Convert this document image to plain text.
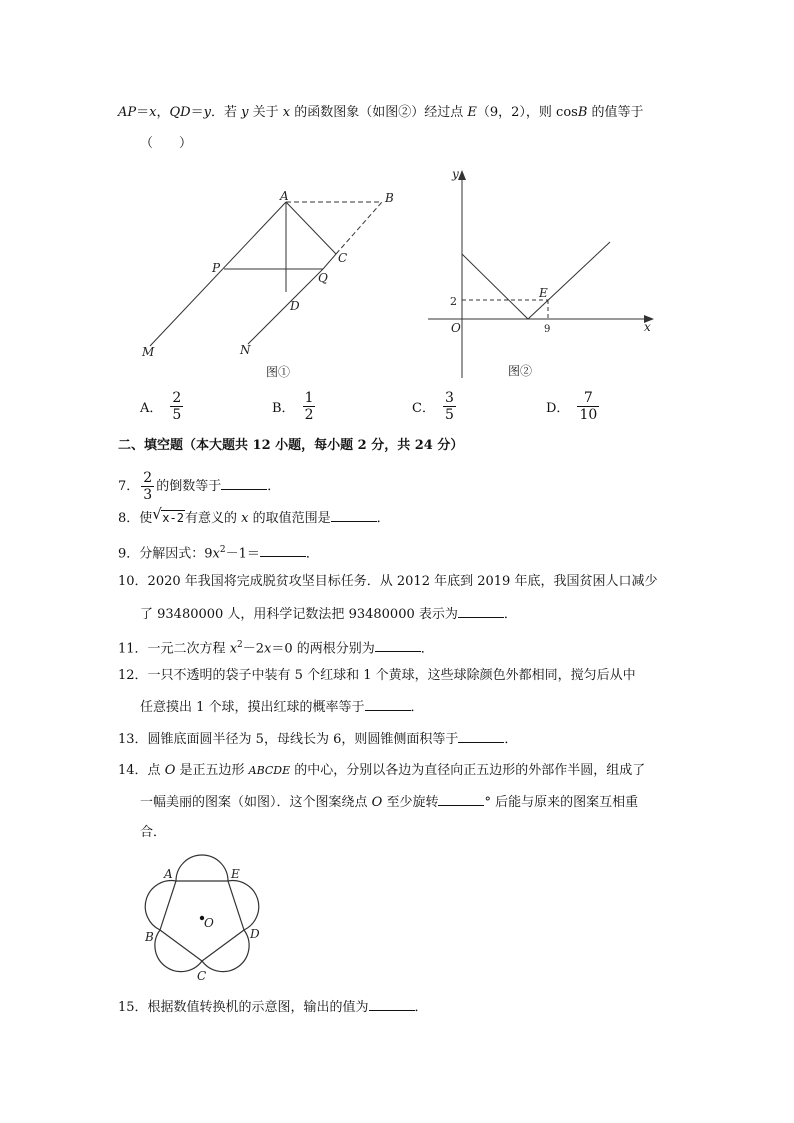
AP＝x，QD＝y．若 y 关于 x 的函数图象（如图②）经过点 E（9，2），则 cosB 的值等于
（　　）
A	B
C
D
P
Q
M	N
图①
y
x
O
E
2
9
图②
A． $\frac{2}{5}$	B． $\frac{1}{2}$	C． $\frac{3}{5}$	D． $\frac{7}{10}$
二、填空题（本大题共 12 小题，每小题 2 分，共 24 分）
7． $\frac{2}{3}$ 的倒数等于	．
8．使 √ x-2有意义的 x 的取值范围是	．
9．分解因式：$9x^2-1=$	．
10．2020 年我国将完成脱贫攻坚目标任务．从 2012 年底到 2019 年底，我国贫困人口减少
了 93480000 人，用科学记数法把 93480000 表示为	．
11．一元二次方程 $x^2-2x=0$ 的两根分别为	．
12．一只不透明的袋子中装有 5 个红球和 1 个黄球，这些球除颜色外都相同，搅匀后从中
任意摸出 1 个球，摸出红球的概率等于	．
13．圆锥底面圆半径为 5，母线长为 6，则圆锥侧面积等于	．
14．点 O 是正五边形 ABCDE 的中心，分别以各边为直径向正五边形的外部作半圆，组成了
一幅美丽的图案（如图）．这个图案绕点 O 至少旋转	° 后能与原来的图案互相重
合．
A	E
B	D
C
O
15．根据数值转换机的示意图，输出的值为	．
